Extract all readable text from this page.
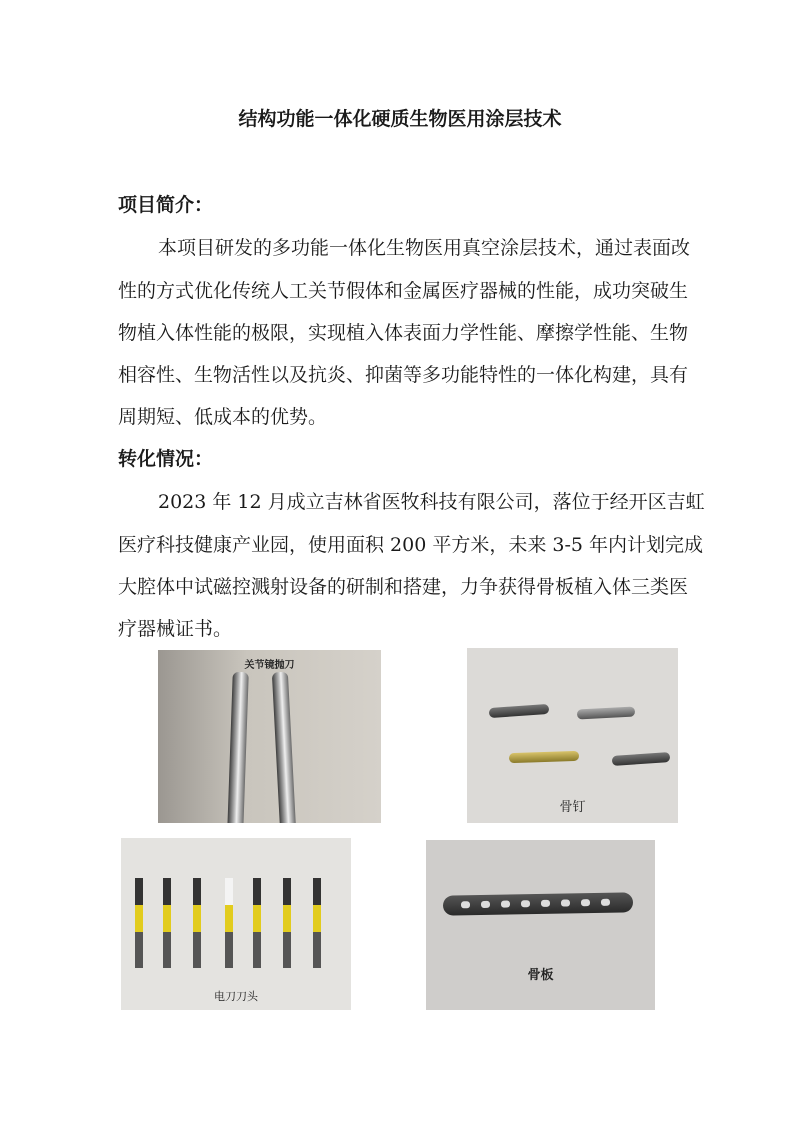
结构功能一体化硬质生物医用涂层技术
项目简介：
本项目研发的多功能一体化生物医用真空涂层技术，通过表面改
性的方式优化传统人工关节假体和金属医疗器械的性能，成功突破生
物植入体性能的极限，实现植入体表面力学性能、摩擦学性能、生物
相容性、生物活性以及抗炎、抑菌等多功能特性的一体化构建，具有
周期短、低成本的优势。
转化情况：
2023 年 12 月成立吉林省医牧科技有限公司，落位于经开区吉虹
医疗科技健康产业园，使用面积 200 平方米，未来 3-5 年内计划完成
大腔体中试磁控溅射设备的研制和搭建，力争获得骨板植入体三类医
疗器械证书。
关节镜抛刀
骨钉
电刀刀头
骨板
